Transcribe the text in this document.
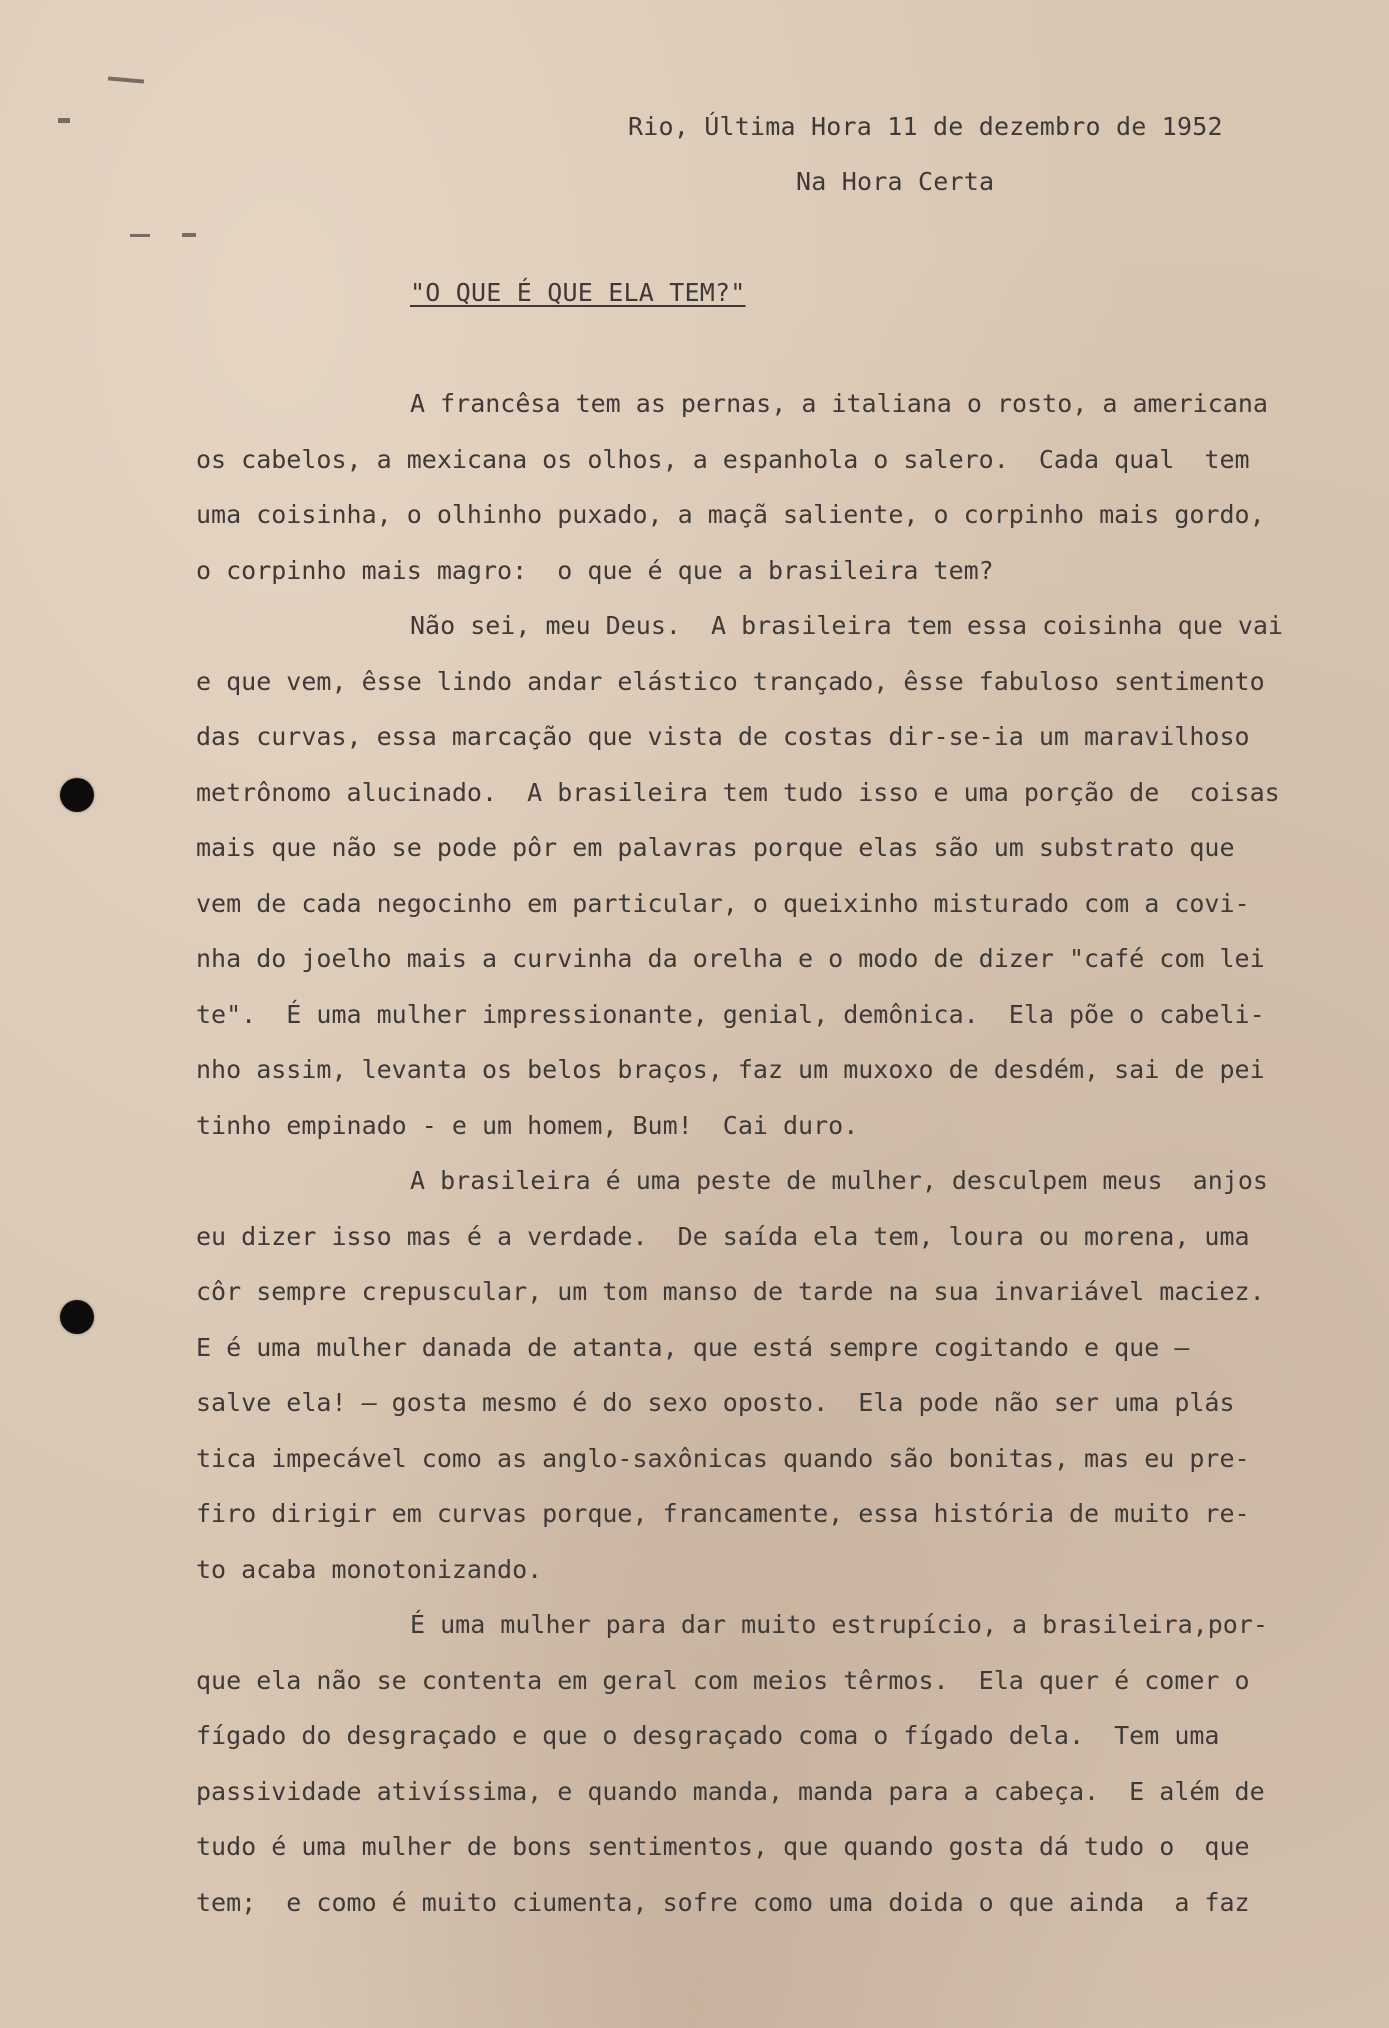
Rio, Última Hora 11 de dezembro de 1952
Na Hora Certa
"O QUE É QUE ELA TEM?"
A francêsa tem as pernas, a italiana o rosto, a americana
os cabelos, a mexicana os olhos, a espanhola o salero.  Cada qual  tem
uma coisinha, o olhinho puxado, a maçã saliente, o corpinho mais gordo,
o corpinho mais magro:  o que é que a brasileira tem?
Não sei, meu Deus.  A brasileira tem essa coisinha que vai
e que vem, êsse lindo andar elástico trançado, êsse fabuloso sentimento
das curvas, essa marcação que vista de costas dir-se-ia um maravilhoso
metrônomo alucinado.  A brasileira tem tudo isso e uma porção de  coisas
mais que não se pode pôr em palavras porque elas são um substrato que
vem de cada negocinho em particular, o queixinho misturado com a covi-
nha do joelho mais a curvinha da orelha e o modo de dizer "café com lei
te".  É uma mulher impressionante, genial, demônica.  Ela põe o cabeli-
nho assim, levanta os belos braços, faz um muxoxo de desdém, sai de pei
tinho empinado - e um homem, Bum!  Cai duro.
A brasileira é uma peste de mulher, desculpem meus  anjos
eu dizer isso mas é a verdade.  De saída ela tem, loura ou morena, uma
côr sempre crepuscular, um tom manso de tarde na sua invariável maciez.
E é uma mulher danada de atanta, que está sempre cogitando e que —
salve ela! — gosta mesmo é do sexo oposto.  Ela pode não ser uma plás
tica impecável como as anglo-saxônicas quando são bonitas, mas eu pre-
firo dirigir em curvas porque, francamente, essa história de muito re-
to acaba monotonizando.
É uma mulher para dar muito estrupício, a brasileira,por-
que ela não se contenta em geral com meios têrmos.  Ela quer é comer o
fígado do desgraçado e que o desgraçado coma o fígado dela.  Tem uma
passividade ativíssima, e quando manda, manda para a cabeça.  E além de
tudo é uma mulher de bons sentimentos, que quando gosta dá tudo o  que
tem;  e como é muito ciumenta, sofre como uma doida o que ainda  a faz
